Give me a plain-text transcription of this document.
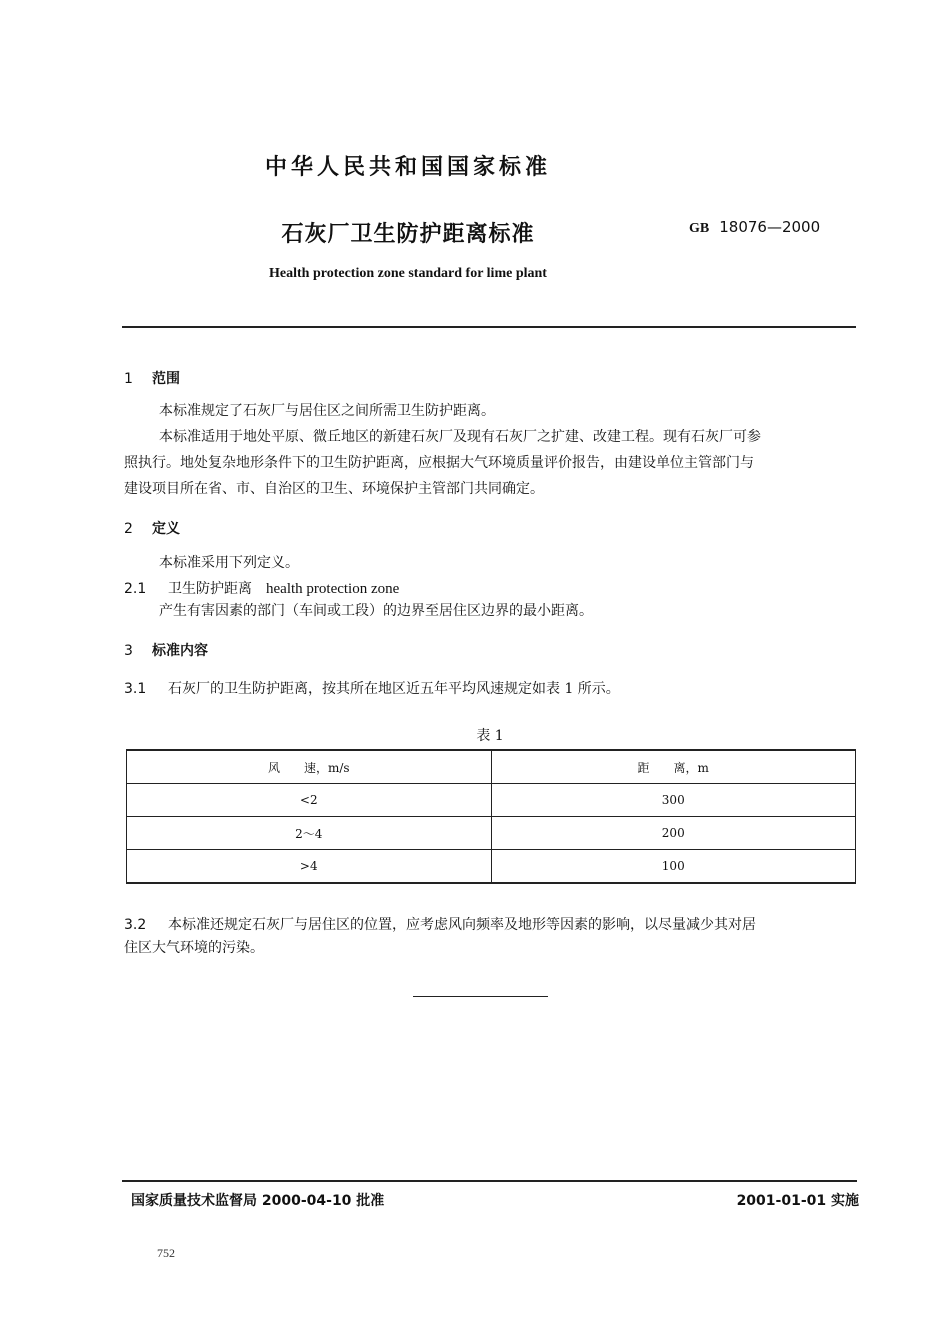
中华人民共和国国家标准
石灰厂卫生防护距离标准	GB 18076—2000
Health protection zone standard for lime plant
1 范围
本标准规定了石灰厂与居住区之间所需卫生防护距离。
本标准适用于地处平原、微丘地区的新建石灰厂及现有石灰厂之扩建、改建工程。现有石灰厂可参
照执行。地处复杂地形条件下的卫生防护距离，应根据大气环境质量评价报告，由建设单位主管部门与
建设项目所在省、市、自治区的卫生、环境保护主管部门共同确定。
2 定义
本标准采用下列定义。
2.1 卫生防护距离 health protection zone
产生有害因素的部门（车间或工段）的边界至居住区边界的最小距离。
3 标准内容
3.1 石灰厂的卫生防护距离，按其所在地区近五年平均风速规定如表 1 所示。
表 1
风　　速，m/s	距　　离，m
<2	300
2～4	200
>4	100
3.2 本标准还规定石灰厂与居住区的位置，应考虑风向频率及地形等因素的影响，以尽量减少其对居
住区大气环境的污染。
国家质量技术监督局 2000-04-10 批准	2001-01-01 实施
752
